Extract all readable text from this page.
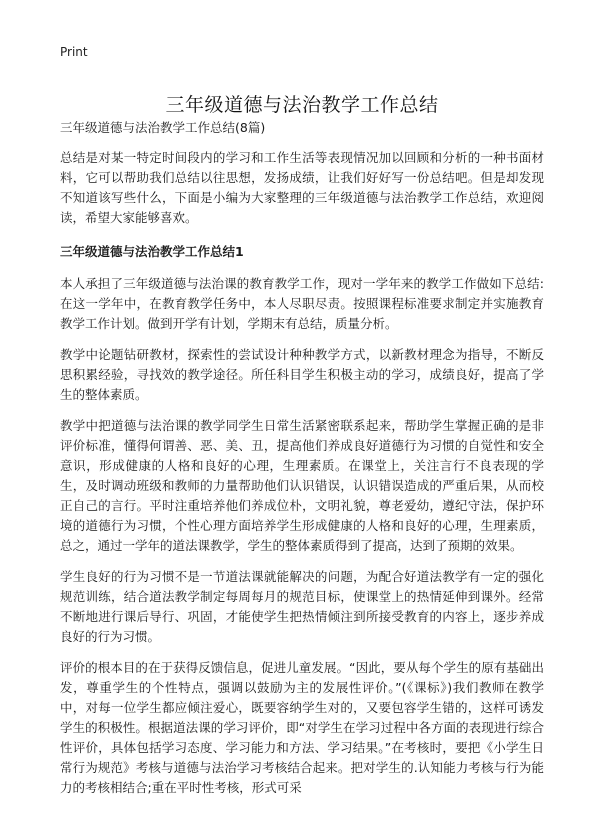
Print
三年级道德与法治教学工作总结

三年级道德与法治教学工作总结(8篇)

总结是对某一特定时间段内的学习和工作生活等表现情况加以回顾和分析的一种书面材料，它可以帮助我们总结以往思想，发扬成绩，让我们好好写一份总结吧。但是却发现不知道该写些什么，下面是小编为大家整理的三年级道德与法治教学工作总结，欢迎阅读，希望大家能够喜欢。

三年级道德与法治教学工作总结1

本人承担了三年级道德与法治课的教育教学工作，现对一学年来的教学工作做如下总结: 在这一学年中，在教育教学任务中，本人尽职尽责。按照课程标准要求制定并实施教育教学工作计划。做到开学有计划，学期末有总结，质量分析。

教学中论题钻研教材，探索性的尝试设计种种教学方式，以新教材理念为指导，不断反思积累经验，寻找效的教学途径。所任科目学生积极主动的学习，成绩良好，提高了学生的整体素质。

教学中把道德与法治课的教学同学生日常生活紧密联系起来，帮助学生掌握正确的是非评价标准，懂得何谓善、恶、美、丑，提高他们养成良好道德行为习惯的自觉性和安全意识，形成健康的人格和良好的心理，生理素质。在课堂上，关注言行不良表现的学生，及时调动班级和教师的力量帮助他们认识错误，认识错误造成的严重后果，从而校正自己的言行。平时注重培养他们养成位朴，文明礼貌，尊老爱幼，遵纪守法，保护环境的道德行为习惯，个性心理方面培养学生形成健康的人格和良好的心理，生理素质，总之，通过一学年的道法课教学，学生的整体素质得到了提高，达到了预期的效果。

学生良好的行为习惯不是一节道法课就能解决的问题，为配合好道法教学有一定的强化规范训练，结合道法教学制定每周每月的规范目标，使课堂上的热情延伸到课外。经常不断地进行课后导行、巩固，才能使学生把热情倾注到所接受教育的内容上，逐步养成良好的行为习惯。

评价的根本目的在于获得反馈信息，促进儿童发展。“因此，要从每个学生的原有基础出发，尊重学生的个性特点，强调以鼓励为主的发展性评价。”(《课标》)我们教师在教学中，对每一位学生都应倾注爱心，既要容纳学生对的，又要包容学生错的，这样可诱发学生的积极性。根据道法课的学习评价，即“对学生在学习过程中各方面的表现进行综合性评价，具体包括学习态度、学习能力和方法、学习结果。”在考核时，要把《小学生日常行为规范》考核与道德与法治学习考核结合起来。把对学生的.认知能力考核与行为能力的考核相结合;重在平时性考核，形式可采
